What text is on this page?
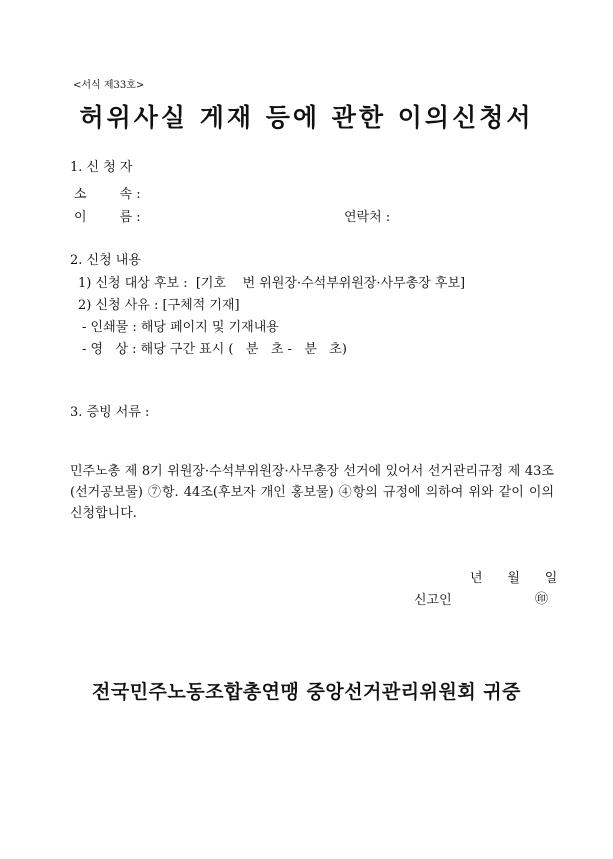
<서식 제33호>
허위사실 게재 등에 관한 이의신청서
1. 신 청 자
소        속 :
이        름 :	연락처 :
2. 신청 내용
1) 신청 대상 후보 :  [기호    번 위원장·수석부위원장·사무총장 후보]
2) 신청 사유 : [구체적 기재]
- 인쇄물 : 해당 페이지 및 기재내용
- 영   상 : 해당 구간 표시 (   분   초 -   분   초)
3. 증빙 서류 :
민주노총 제 8기 위원장·수석부위원장·사무총장 선거에 있어서 선거관리규정 제 43조(선거공보물) ⑦항. 44조(후보자 개인 홍보물) ④항의 규정에 의하여 위와 같이 이의신청합니다.
년      월      일
신고인	㊞
전국민주노동조합총연맹 중앙선거관리위원회 귀중
